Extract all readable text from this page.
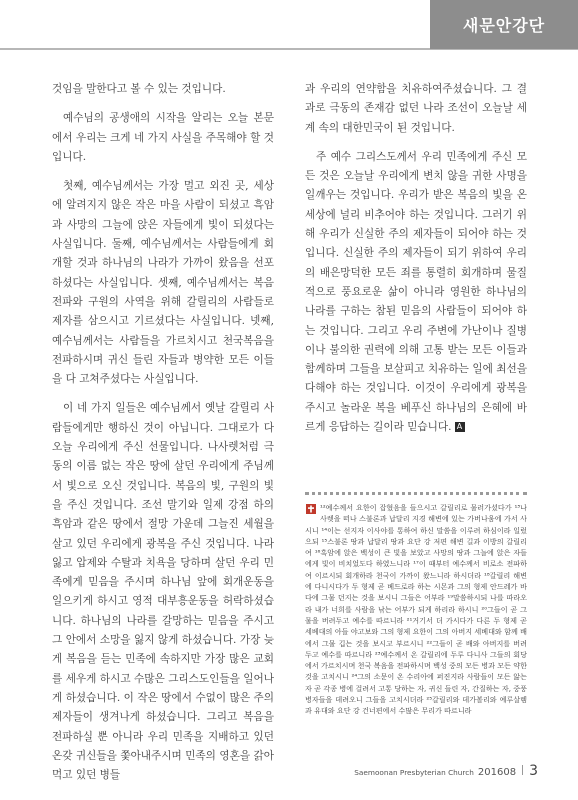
새문안강단

것임을 말한다고 볼 수 있는 것입니다.

예수님의 공생애의 시작을 알리는 오늘 본문에서 우리는 크게 네 가지 사실을 주목해야 할 것입니다.

첫째, 예수님께서는 가장 멀고 외진 곳, 세상에 알려지지 않은 작은 마을 사람이 되셨고 흑암과 사망의 그늘에 앉은 자들에게 빛이 되셨다는 사실입니다. 둘째, 예수님께서는 사람들에게 회개할 것과 하나님의 나라가 가까이 왔음을 선포하셨다는 사실입니다. 셋째, 예수님께서는 복음전파와 구원의 사역을 위해 갈릴리의 사람들로 제자를 삼으시고 기르셨다는 사실입니다. 넷째, 예수님께서는 사람들을 가르치시고 천국복음을 전파하시며 귀신 들린 자들과 병약한 모든 이들을 다 고쳐주셨다는 사실입니다.

이 네 가지 일들은 예수님께서 옛날 갈릴리 사람들에게만 행하신 것이 아닙니다. 그대로가 다 오늘 우리에게 주신 선물입니다. 나사렛처럼 극동의 이름 없는 작은 땅에 살던 우리에게 주님께서 빛으로 오신 것입니다. 복음의 빛, 구원의 빛을 주신 것입니다. 조선 말기와 일제 강점 하의 흑암과 같은 땅에서 절망 가운데 그늘진 세월을 살고 있던 우리에게 광복을 주신 것입니다. 나라 잃고 압제와 수탈과 치욕을 당하며 살던 우리 민족에게 믿음을 주시며 하나님 앞에 회개운동을 일으키게 하시고 영적 대부흥운동을 허락하셨습니다. 하나님의 나라를 갈망하는 믿음을 주시고 그 안에서 소망을 잃지 않게 하셨습니다. 가장 늦게 복음을 듣는 민족에 속하지만 가장 많은 교회를 세우게 하시고 수많은 그리스도인들을 일어나게 하셨습니다. 이 작은 땅에서 수없이 많은 주의 제자들이 생겨나게 하셨습니다. 그리고 복음을 전파하실 뿐 아니라 우리 민족을 지배하고 있던 온갖 귀신들을 쫓아내주시며 민족의 영혼을 갉아먹고 있던 병들

과 우리의 연약함을 치유하여주셨습니다. 그 결과로 극동의 존재감 없던 나라 조선이 오늘날 세계 속의 대한민국이 된 것입니다.

주 예수 그리스도께서 우리 민족에게 주신 모든 것은 오늘날 우리에게 변치 않을 귀한 사명을 일깨우는 것입니다. 우리가 받은 복음의 빛을 온 세상에 널리 비추어야 하는 것입니다. 그러기 위해 우리가 신실한 주의 제자들이 되어야 하는 것입니다. 신실한 주의 제자들이 되기 위하여 우리의 배은망덕한 모든 죄를 통렬히 회개하며 물질적으로 풍요로운 삶이 아니라 영원한 하나님의 나라를 구하는 참된 믿음의 사람들이 되어야 하는 것입니다. 그리고 우리 주변에 가난이나 질병이나 불의한 권력에 의해 고통 받는 모든 이들과 함께하며 그들을 보살피고 치유하는 일에 최선을 다해야 하는 것입니다. 이것이 우리에게 광복을 주시고 놀라운 복을 베푸신 하나님의 은혜에 바르게 응답하는 길이라 믿습니다. A

¹²예수께서 요한이 잡혔음을 들으시고 갈릴리로 물러가셨다가 ¹³나사렛을 떠나 스불론과 납달리 지경 해변에 있는 가버나움에 가서 사시니 ¹⁴이는 선지자 이사야를 통하여 하신 말씀을 이루려 하심이라 일렀으되 ¹⁵스불론 땅과 납달리 땅과 요단 강 저편 해변 길과 이방의 갈릴리여 ¹⁶흑암에 앉은 백성이 큰 빛을 보았고 사망의 땅과 그늘에 앉은 자들에게 빛이 비치었도다 하였느니라 ¹⁷이 때부터 예수께서 비로소 전파하여 이르시되 회개하라 천국이 가까이 왔느니라 하시더라 ¹⁸갈릴리 해변에 다니시다가 두 형제 곧 베드로라 하는 시몬과 그의 형제 안드레가 바다에 그물 던지는 것을 보시니 그들은 어부라 ¹⁹말씀하시되 나를 따라오라 내가 너희를 사람을 낚는 어부가 되게 하리라 하시니 ²⁰그들이 곧 그물을 버려두고 예수를 따르니라 ²¹거기서 더 가시다가 다른 두 형제 곧 세베대의 아들 야고보와 그의 형제 요한이 그의 아버지 세베대와 함께 배에서 그물 깁는 것을 보시고 부르시니 ²²그들이 곧 배와 아버지를 버려 두고 예수를 따르니라 ²³예수께서 온 갈릴리에 두루 다니사 그들의 회당에서 가르치시며 천국 복음을 전파하시며 백성 중의 모든 병과 모든 약한 것을 고치시니 ²⁴그의 소문이 온 수리아에 퍼진지라 사람들이 모든 앓는 자 곧 각종 병에 걸려서 고통 당하는 자, 귀신 들린 자, 간질하는 자, 중풍병자들을 데려오니 그들을 고치시더라 ²⁵갈릴리와 데가볼리와 예루살렘과 유대와 요단 강 건너편에서 수많은 무리가 따르니라

Saemoonan Presbyterian Church 201608 3
